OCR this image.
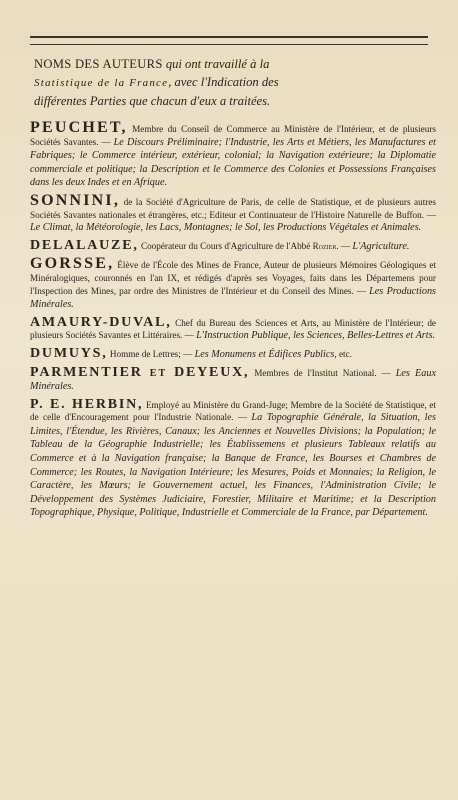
NOMS DES AUTEURS qui ont travaillé à la
Statistique de la France, avec l'Indication des
différentes Parties que chacun d'eux a traitées.
PEUCHET, Membre du Conseil de Commerce au Ministère de l'Intérieur, et de plusieurs Sociétés Savantes. — Le Discours Préliminaire; l'Industrie, les Arts et Métiers, les Manufactures et Fabriques; le Commerce intérieur, extérieur, colonial; la Navigation extérieure; la Diplomatie commerciale et politique; la Description et le Commerce des Colonies et Possessions Françaises dans les deux Indes et en Afrique.
SONNINI, de la Société d'Agriculture de Paris, de celle de Statistique, et de plusieurs autres Sociétés Savantes nationales et étrangères, etc.; Editeur et Continuateur de l'Histoire Naturelle de Buffon. — Le Climat, la Météorologie, les Lacs, Montagnes; le Sol, les Productions Végétales et Animales.
DELALAUZE, Coopérateur du Cours d'Agriculture de l'Abbé Rozier. — L'Agriculture.
GORSSE, Élève de l'École des Mines de France, Auteur de plusieurs Mémoires Géologiques et Minéralogiques, couronnés en l'an IX, et rédigés d'après ses Voyages, faits dans les Départemens pour l'Inspection des Mines, par ordre des Ministres de l'Intérieur et du Conseil des Mines. — Les Productions Minérales.
AMAURY-DUVAL, Chef du Bureau des Sciences et Arts, au Ministère de l'Intérieur; de plusieurs Sociétés Savantes et Littéraires. — L'Instruction Publique, les Sciences, Belles-Lettres et Arts.
DUMUYS, Homme de Lettres; — Les Monumens et Édifices Publics, etc.
PARMENTIER ET DEYEUX, Membres de l'Institut National. — Les Eaux Minérales.
P. E. HERBIN, Employé au Ministère du Grand-Juge; Membre de la Société de Statistique, et de celle d'Encouragement pour l'Industrie Nationale. — La Topographie Générale, la Situation, les Limites, l'Étendue, les Rivières, Canaux; les Anciennes et Nouvelles Divisions; la Population; le Tableau de la Géographie Industrielle; les Établissemens et plusieurs Tableaux relatifs au Commerce et à la Navigation française; la Banque de France, les Bourses et Chambres de Commerce; les Routes, la Navigation Intérieure; les Mesures, Poids et Monnaies; la Religion, le Caractère, les Mœurs; le Gouvernement actuel, les Finances, l'Administration Civile; le Développement des Systèmes Judiciaire, Forestier, Militaire et Maritime; et la Description Topographique, Physique, Politique, Industrielle et Commerciale de la France, par Département.
